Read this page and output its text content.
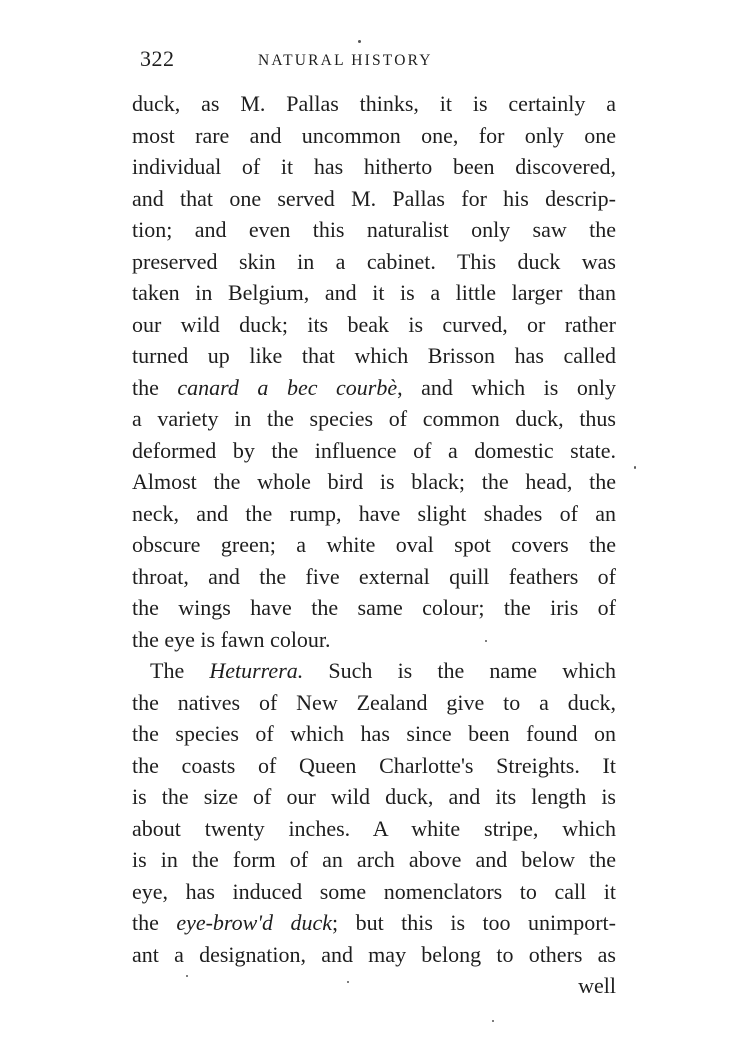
322	NATURAL HISTORY
duck, as M. Pallas thinks, it is certainly a
most rare and uncommon one, for only one
individual of it has hitherto been discovered,
and that one served M. Pallas for his descrip-
tion; and even this naturalist only saw the
preserved skin in a cabinet. This duck was
taken in Belgium, and it is a little larger than
our wild duck; its beak is curved, or rather
turned up like that which Brisson has called
the canard a bec courbè, and which is only
a variety in the species of common duck, thus
deformed by the influence of a domestic state.
Almost the whole bird is black; the head, the
neck, and the rump, have slight shades of an
obscure green; a white oval spot covers the
throat, and the five external quill feathers of
the wings have the same colour; the iris of
the eye is fawn colour.
The Heturrera. Such is the name which
the natives of New Zealand give to a duck,
the species of which has since been found on
the coasts of Queen Charlotte's Streights. It
is the size of our wild duck, and its length is
about twenty inches. A white stripe, which
is in the form of an arch above and below the
eye, has induced some nomenclators to call it
the eye-brow'd duck; but this is too unimport-
ant a designation, and may belong to others as
well
